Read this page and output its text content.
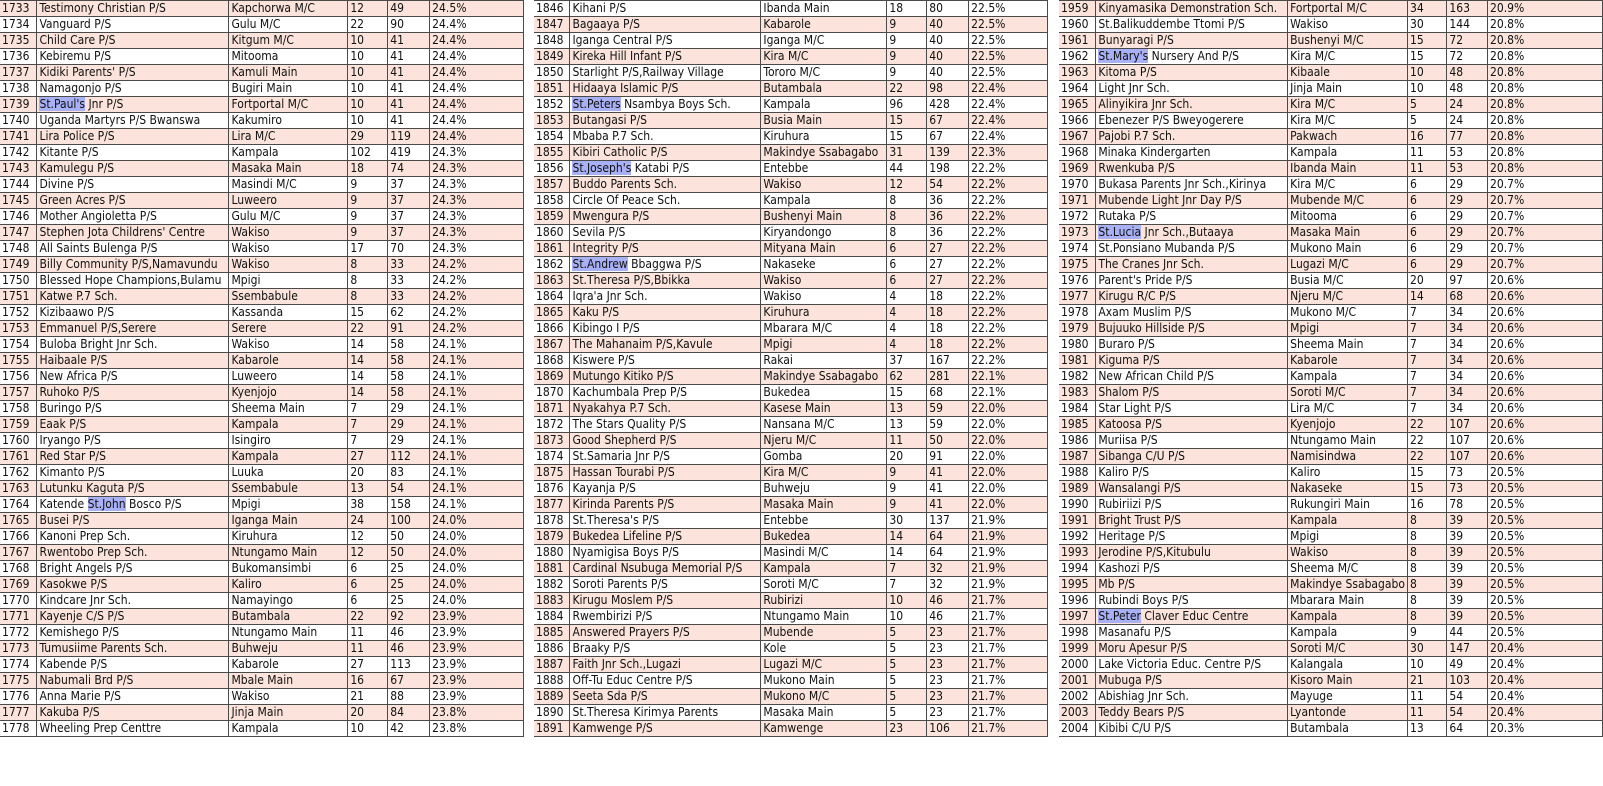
1733	Testimony Christian P/S	Kapchorwa M/C	12	49	24.5%
1734	Vanguard P/S	Gulu M/C	22	90	24.4%
1735	Child Care P/S	Kitgum M/C	10	41	24.4%
1736	Kebiremu P/S	Mitooma	10	41	24.4%
1737	Kidiki Parents' P/S	Kamuli Main	10	41	24.4%
1738	Namagonjo P/S	Bugiri Main	10	41	24.4%
1739	St.Paul's Jnr P/S	Fortportal M/C	10	41	24.4%
1740	Uganda Martyrs P/S Bwanswa	Kakumiro	10	41	24.4%
1741	Lira Police P/S	Lira M/C	29	119	24.4%
1742	Kitante P/S	Kampala	102	419	24.3%
1743	Kamulegu P/S	Masaka Main	18	74	24.3%
1744	Divine P/S	Masindi M/C	9	37	24.3%
1745	Green Acres P/S	Luweero	9	37	24.3%
1746	Mother Angioletta P/S	Gulu M/C	9	37	24.3%
1747	Stephen Jota Childrens' Centre	Wakiso	9	37	24.3%
1748	All Saints Bulenga P/S	Wakiso	17	70	24.3%
1749	Billy Community P/S,Namavundu	Wakiso	8	33	24.2%
1750	Blessed Hope Champions,Bulamu	Mpigi	8	33	24.2%
1751	Katwe P.7 Sch.	Ssembabule	8	33	24.2%
1752	Kizibaawo P/S	Kassanda	15	62	24.2%
1753	Emmanuel P/S,Serere	Serere	22	91	24.2%
1754	Buloba Bright Jnr Sch.	Wakiso	14	58	24.1%
1755	Haibaale P/S	Kabarole	14	58	24.1%
1756	New Africa P/S	Luweero	14	58	24.1%
1757	Ruhoko P/S	Kyenjojo	14	58	24.1%
1758	Buringo P/S	Sheema Main	7	29	24.1%
1759	Eaak P/S	Kampala	7	29	24.1%
1760	Iryango P/S	Isingiro	7	29	24.1%
1761	Red Star P/S	Kampala	27	112	24.1%
1762	Kimanto P/S	Luuka	20	83	24.1%
1763	Lutunku Kaguta P/S	Ssembabule	13	54	24.1%
1764	Katende St.John Bosco P/S	Mpigi	38	158	24.1%
1765	Busei P/S	Iganga Main	24	100	24.0%
1766	Kanoni Prep Sch.	Kiruhura	12	50	24.0%
1767	Rwentobo Prep Sch.	Ntungamo Main	12	50	24.0%
1768	Bright Angels P/S	Bukomansimbi	6	25	24.0%
1769	Kasokwe P/S	Kaliro	6	25	24.0%
1770	Kindcare Jnr Sch.	Namayingo	6	25	24.0%
1771	Kayenje C/S P/S	Butambala	22	92	23.9%
1772	Kemishego P/S	Ntungamo Main	11	46	23.9%
1773	Tumusiime Parents Sch.	Buhweju	11	46	23.9%
1774	Kabende P/S	Kabarole	27	113	23.9%
1775	Nabumali Brd P/S	Mbale Main	16	67	23.9%
1776	Anna Marie P/S	Wakiso	21	88	23.9%
1777	Kakuba P/S	Jinja Main	20	84	23.8%
1778	Wheeling Prep Centtre	Kampala	10	42	23.8%
1846	Kihani P/S	Ibanda Main	18	80	22.5%
1847	Bagaaya P/S	Kabarole	9	40	22.5%
1848	Iganga Central P/S	Iganga M/C	9	40	22.5%
1849	Kireka Hill Infant P/S	Kira M/C	9	40	22.5%
1850	Starlight P/S,Railway Village	Tororo M/C	9	40	22.5%
1851	Hidaaya Islamic P/S	Butambala	22	98	22.4%
1852	St.Peters Nsambya Boys Sch.	Kampala	96	428	22.4%
1853	Butangasi P/S	Busia Main	15	67	22.4%
1854	Mbaba P.7 Sch.	Kiruhura	15	67	22.4%
1855	Kibiri Catholic P/S	Makindye Ssabagabo	31	139	22.3%
1856	St.Joseph's Katabi P/S	Entebbe	44	198	22.2%
1857	Buddo Parents Sch.	Wakiso	12	54	22.2%
1858	Circle Of Peace Sch.	Kampala	8	36	22.2%
1859	Mwengura P/S	Bushenyi Main	8	36	22.2%
1860	Sevila P/S	Kiryandongo	8	36	22.2%
1861	Integrity P/S	Mityana Main	6	27	22.2%
1862	St.Andrew Bbaggwa P/S	Nakaseke	6	27	22.2%
1863	St.Theresa P/S,Bbikka	Wakiso	6	27	22.2%
1864	Iqra'a Jnr Sch.	Wakiso	4	18	22.2%
1865	Kaku P/S	Kiruhura	4	18	22.2%
1866	Kibingo I P/S	Mbarara M/C	4	18	22.2%
1867	The Mahanaim P/S,Kavule	Mpigi	4	18	22.2%
1868	Kiswere P/S	Rakai	37	167	22.2%
1869	Mutungo Kitiko P/S	Makindye Ssabagabo	62	281	22.1%
1870	Kachumbala Prep P/S	Bukedea	15	68	22.1%
1871	Nyakahya P.7 Sch.	Kasese Main	13	59	22.0%
1872	The Stars Quality P/S	Nansana M/C	13	59	22.0%
1873	Good Shepherd P/S	Njeru M/C	11	50	22.0%
1874	St.Samaria Jnr P/S	Gomba	20	91	22.0%
1875	Hassan Tourabi P/S	Kira M/C	9	41	22.0%
1876	Kayanja P/S	Buhweju	9	41	22.0%
1877	Kirinda Parents P/S	Masaka Main	9	41	22.0%
1878	St.Theresa's P/S	Entebbe	30	137	21.9%
1879	Bukedea Lifeline P/S	Bukedea	14	64	21.9%
1880	Nyamigisa Boys P/S	Masindi M/C	14	64	21.9%
1881	Cardinal Nsubuga Memorial P/S	Kampala	7	32	21.9%
1882	Soroti Parents P/S	Soroti M/C	7	32	21.9%
1883	Kirugu Moslem P/S	Rubirizi	10	46	21.7%
1884	Rwembirizi P/S	Ntungamo Main	10	46	21.7%
1885	Answered Prayers P/S	Mubende	5	23	21.7%
1886	Braaky P/S	Kole	5	23	21.7%
1887	Faith Jnr Sch.,Lugazi	Lugazi M/C	5	23	21.7%
1888	Off-Tu Educ Centre P/S	Mukono Main	5	23	21.7%
1889	Seeta Sda P/S	Mukono M/C	5	23	21.7%
1890	St.Theresa Kirimya Parents	Masaka Main	5	23	21.7%
1891	Kamwenge P/S	Kamwenge	23	106	21.7%
1959	Kinyamasika Demonstration Sch.	Fortportal M/C	34	163	20.9%
1960	St.Balikuddembe Ttomi P/S	Wakiso	30	144	20.8%
1961	Bunyaragi P/S	Bushenyi M/C	15	72	20.8%
1962	St.Mary's Nursery And P/S	Kira M/C	15	72	20.8%
1963	Kitoma P/S	Kibaale	10	48	20.8%
1964	Light Jnr Sch.	Jinja Main	10	48	20.8%
1965	Alinyikira Jnr Sch.	Kira M/C	5	24	20.8%
1966	Ebenezer P/S Bweyogerere	Kira M/C	5	24	20.8%
1967	Pajobi P.7 Sch.	Pakwach	16	77	20.8%
1968	Minaka Kindergarten	Kampala	11	53	20.8%
1969	Rwenkuba P/S	Ibanda Main	11	53	20.8%
1970	Bukasa Parents Jnr Sch.,Kirinya	Kira M/C	6	29	20.7%
1971	Mubende Light Jnr Day P/S	Mubende M/C	6	29	20.7%
1972	Rutaka P/S	Mitooma	6	29	20.7%
1973	St.Lucia Jnr Sch.,Butaaya	Masaka Main	6	29	20.7%
1974	St.Ponsiano Mubanda P/S	Mukono Main	6	29	20.7%
1975	The Cranes Jnr Sch.	Lugazi M/C	6	29	20.7%
1976	Parent's Pride P/S	Busia M/C	20	97	20.6%
1977	Kirugu R/C P/S	Njeru M/C	14	68	20.6%
1978	Axam Muslim P/S	Mukono M/C	7	34	20.6%
1979	Bujuuko Hillside P/S	Mpigi	7	34	20.6%
1980	Buraro P/S	Sheema Main	7	34	20.6%
1981	Kiguma P/S	Kabarole	7	34	20.6%
1982	New African Child P/S	Kampala	7	34	20.6%
1983	Shalom P/S	Soroti M/C	7	34	20.6%
1984	Star Light P/S	Lira M/C	7	34	20.6%
1985	Katoosa P/S	Kyenjojo	22	107	20.6%
1986	Muriisa P/S	Ntungamo Main	22	107	20.6%
1987	Sibanga C/U P/S	Namisindwa	22	107	20.6%
1988	Kaliro P/S	Kaliro	15	73	20.5%
1989	Wansalangi P/S	Nakaseke	15	73	20.5%
1990	Rubiriizi P/S	Rukungiri Main	16	78	20.5%
1991	Bright Trust P/S	Kampala	8	39	20.5%
1992	Heritage P/S	Mpigi	8	39	20.5%
1993	Jerodine P/S,Kitubulu	Wakiso	8	39	20.5%
1994	Kashozi P/S	Sheema M/C	8	39	20.5%
1995	Mb P/S	Makindye Ssabagabo	8	39	20.5%
1996	Rubindi Boys P/S	Mbarara Main	8	39	20.5%
1997	St.Peter Claver Educ Centre	Kampala	8	39	20.5%
1998	Masanafu P/S	Kampala	9	44	20.5%
1999	Moru Apesur P/S	Soroti M/C	30	147	20.4%
2000	Lake Victoria Educ. Centre P/S	Kalangala	10	49	20.4%
2001	Mubuga P/S	Kisoro Main	21	103	20.4%
2002	Abishiag Jnr Sch.	Mayuge	11	54	20.4%
2003	Teddy Bears P/S	Lyantonde	11	54	20.4%
2004	Kibibi C/U P/S	Butambala	13	64	20.3%
